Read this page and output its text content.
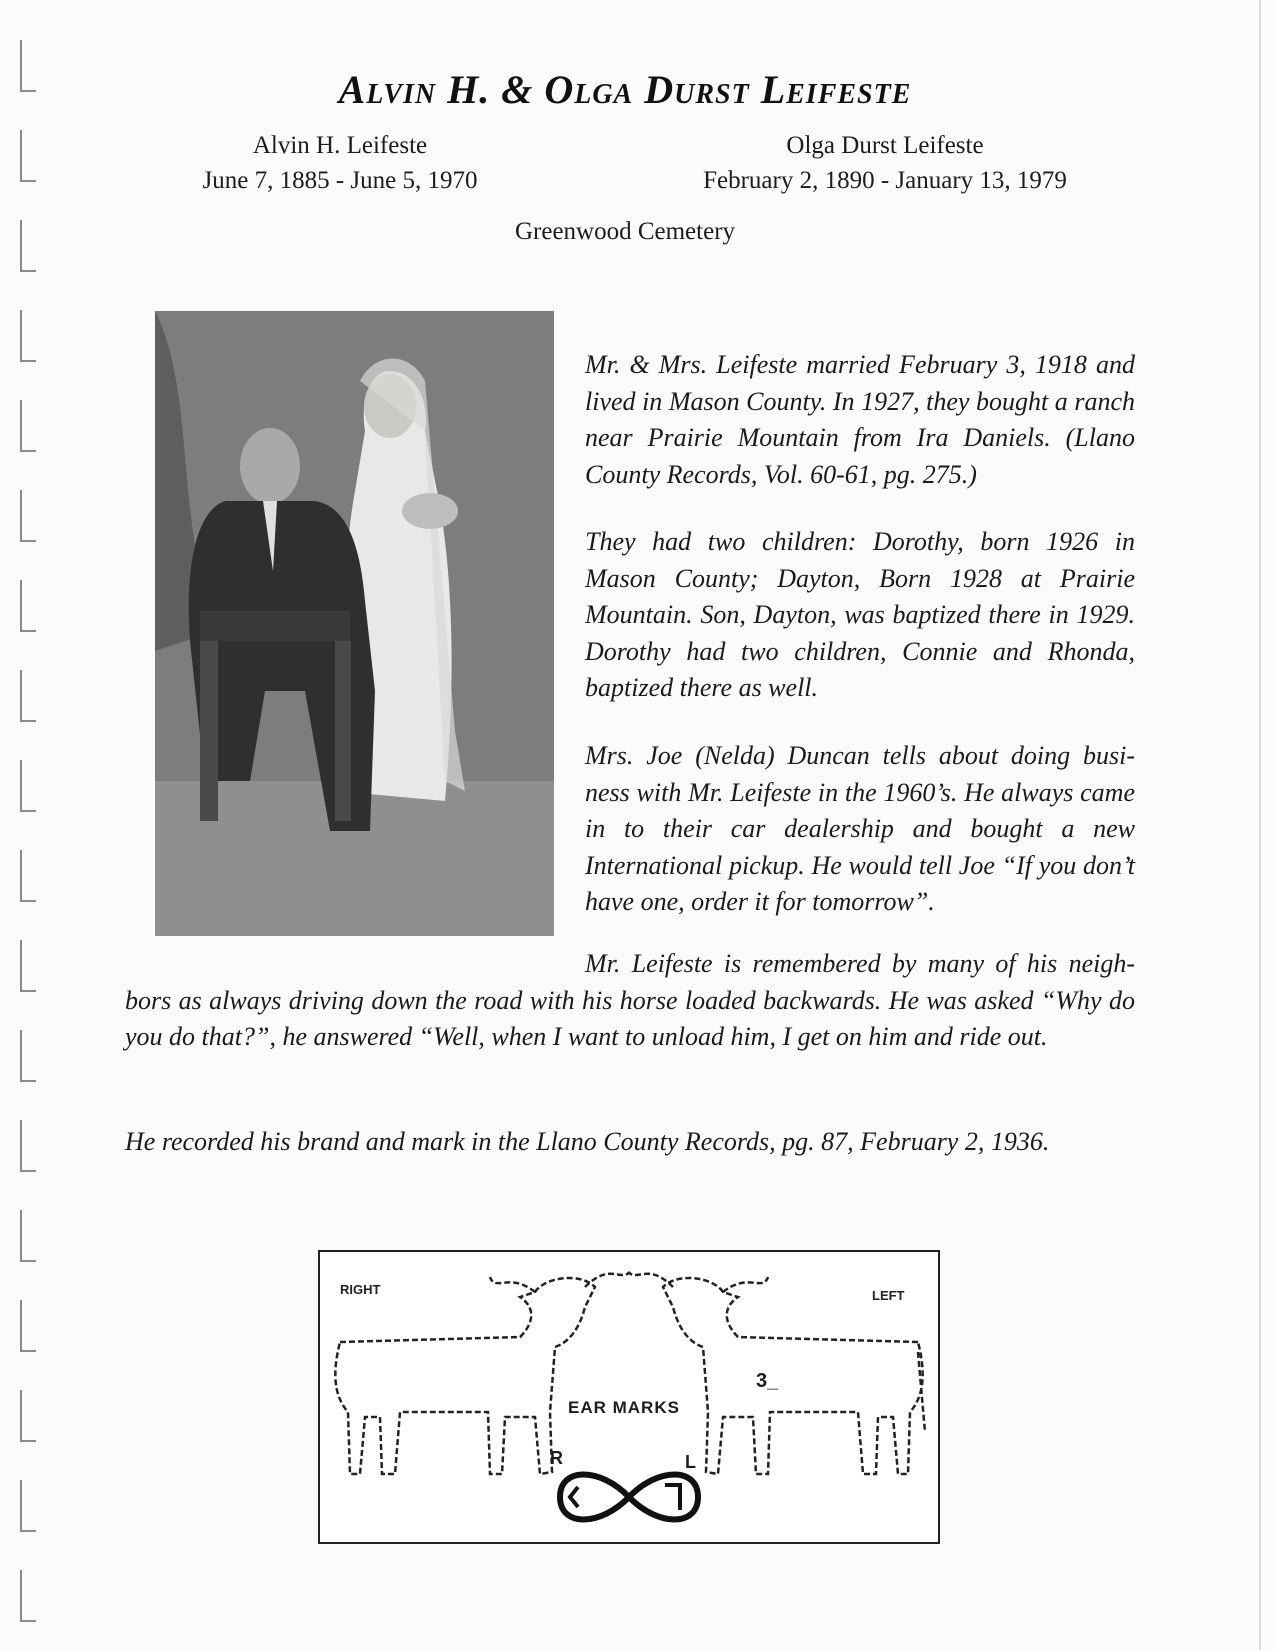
Alvin H. & Olga Durst Leifeste
Alvin H. Leifeste
June 7, 1885 - June 5, 1970
Olga Durst Leifeste
February 2, 1890 - January 13, 1979
Greenwood Cemetery

Mr. & Mrs. Leifeste married February 3, 1918 and lived in Mason County. In 1927, they bought a ranch near Prairie Mountain from Ira Daniels. (Llano County Records, Vol. 60-61, pg. 275.)

They had two children: Dorothy, born 1926 in Mason County; Dayton, Born 1928 at Prairie Mountain. Son, Dayton, was baptized there in 1929. Dorothy had two children, Connie and Rhonda, baptized there as well.

Mrs. Joe (Nelda) Duncan tells about doing busi-ness with Mr. Leifeste in the 1960’s. He always came in to their car dealership and bought a new International pickup. He would tell Joe “If you don’t have one, order it for tomorrow”.

Mr. Leifeste is remembered by many of his neigh-bors as always driving down the road with his horse loaded backwards. He was asked “Why do you do that?”, he answered “Well, when I want to unload him, I get on him and ride out.

He recorded his brand and mark in the Llano County Records, pg. 87, February 2, 1936.

RIGHT	LEFT
EAR MARKS
R	L
3_
